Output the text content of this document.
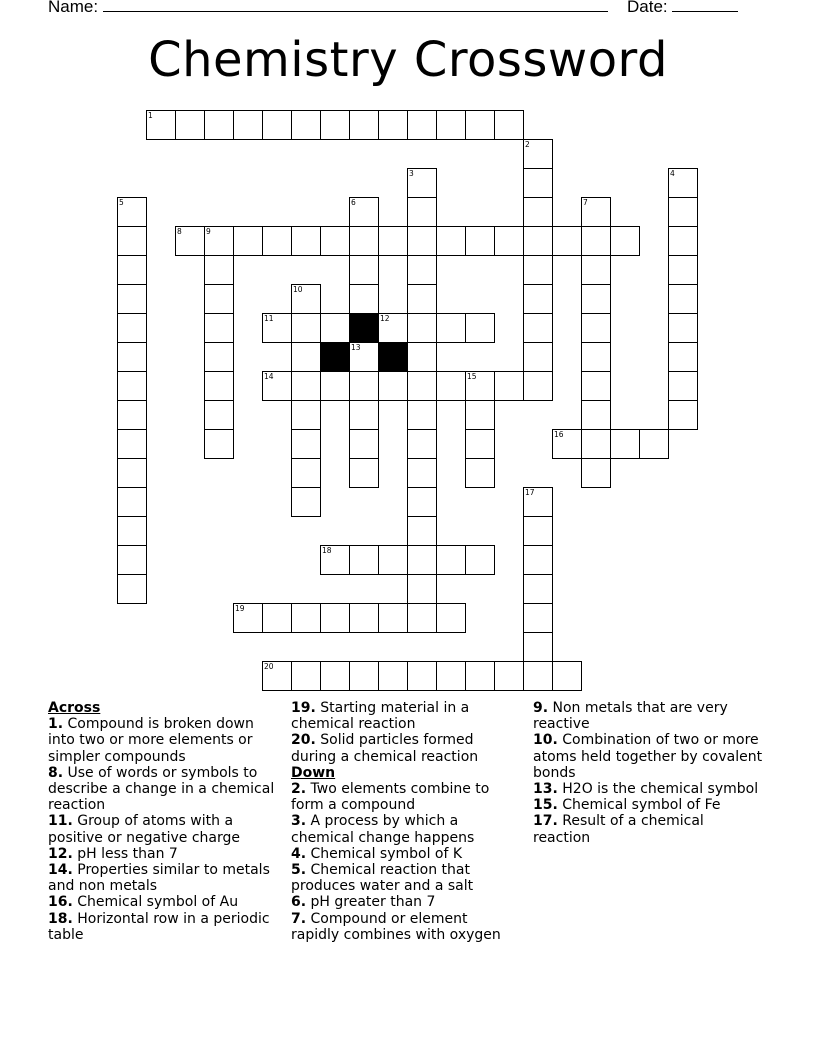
Name:	Date:
Chemistry Crossword
1
2
3	4
5	6	7
8	9
10
11	12
13
14	15
16
17
18
19
20
Across
1. Compound is broken down into two or more elements or simpler compounds
8. Use of words or symbols to describe a change in a chemical reaction
11. Group of atoms with a positive or negative charge
12. pH less than 7
14. Properties similar to metals and non metals
16. Chemical symbol of Au
18. Horizontal row in a periodic table
19. Starting material in a chemical reaction
20. Solid particles formed during a chemical reaction
Down
2. Two elements combine to form a compound
3. A process by which a chemical change happens
4. Chemical symbol of K
5. Chemical reaction that produces water and a salt
6. pH greater than 7
7. Compound or element rapidly combines with oxygen
9. Non metals that are very reactive
10. Combination of two or more atoms held together by covalent bonds
13. H2O is the chemical symbol
15. Chemical symbol of Fe
17. Result of a chemical reaction
